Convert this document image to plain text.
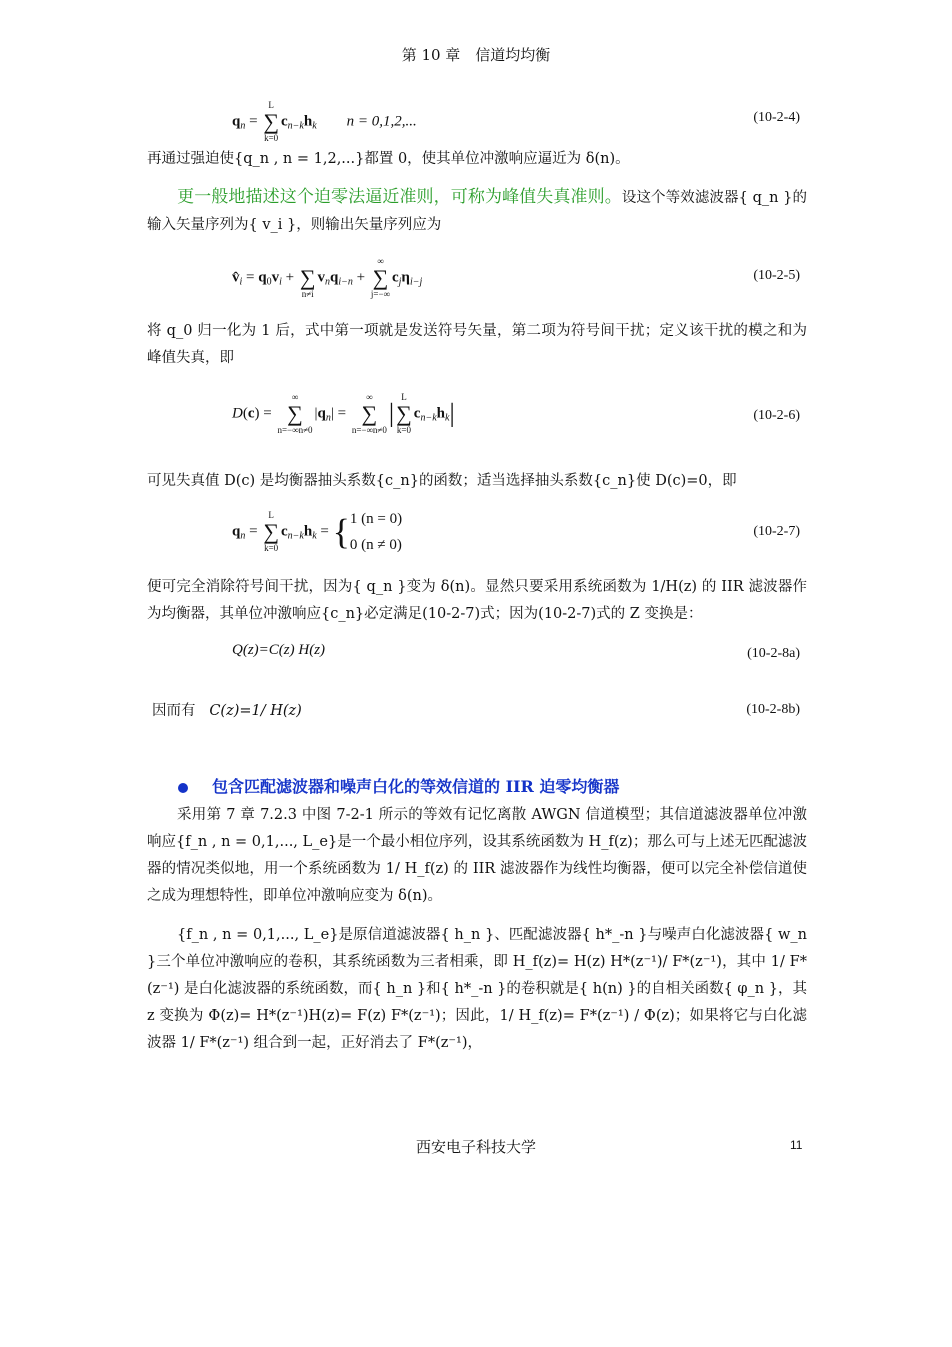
第 10 章　信道均均衡
$q_n = L$
∑
$k=0c_{n-k}h_k$ n = 0,1,2,...	(10-2-4)
再通过强迫使{q_n , n = 1,2,...}都置 0，使其单位冲激响应逼近为 δ(n)。
更一般地描述这个迫零法逼近准则，可称为峰值失真准则。设这个等效滤波器{ q_n }的输入矢量序列为{ v_i }，则输出矢量序列应为
$v̂_i = q_0v_i$ + ∑
$n\ne iv_nq_{i-n}$ + ∞
∑
$j=-\infty c_j\eta_{i-j}$	(10-2-5)
将 q_0 归一化为 1 后，式中第一项就是发送符号矢量，第二项为符号间干扰；定义该干扰的模之和为峰值失真，即
D(c) = ∞
∑
$n=-\infty n\ne 0|q_n|$ = ∞
∑
n=−∞n≠0|L
∑
$k=0c_{n-k}h_k|$	(10-2-6)
可见失真值 D(c) 是均衡器抽头系数{c_n}的函数；适当选择抽头系数{c_n}使 D(c)=0，即
$q_n = L$
∑
$k=0c_{n-k}h_k$ = { 1 (n = 0)
0 (n ≠ 0)
(10-2-7)
便可完全消除符号间干扰，因为{ q_n }变为 δ(n)。显然只要采用系统函数为 1/H(z) 的 IIR 滤波器作为均衡器，其单位冲激响应{c_n}必定满足(10-2-7)式；因为(10-2-7)式的 Z 变换是：
Q(z)=C(z) H(z)	(10-2-8a)
因而有 C(z)=1/ H(z)	(10-2-8b)
包含匹配滤波器和噪声白化的等效信道的 IIR 迫零均衡器
采用第 7 章 7.2.3 中图 7-2-1 所示的等效有记忆离散 AWGN 信道模型；其信道滤波器单位冲激响应{f_n , n = 0,1,..., L_e}是一个最小相位序列，设其系统函数为 H_f(z)；那么可与上述无匹配滤波器的情况类似地，用一个系统函数为 1/ H_f(z) 的 IIR 滤波器作为线性均衡器，便可以完全补偿信道使之成为理想特性，即单位冲激响应变为 δ(n)。
{f_n , n = 0,1,..., L_e}是原信道滤波器{ h_n }、匹配滤波器{ h*_-n }与噪声白化滤波器{ w_n }三个单位冲激响应的卷积，其系统函数为三者相乘，即 H_f(z)= H(z) H*(z⁻¹)/ F*(z⁻¹)，其中 1/ F*(z⁻¹) 是白化滤波器的系统函数，而{ h_n }和{ h*_-n }的卷积就是{ h(n) }的自相关函数{ φ_n }，其 z 变换为 Φ(z)= H*(z⁻¹)H(z)= F(z) F*(z⁻¹)；因此，1/ H_f(z)= F*(z⁻¹) / Φ(z)；如果将它与白化滤波器 1/ F*(z⁻¹) 组合到一起，正好消去了 F*(z⁻¹)，
西安电子科技大学	11
